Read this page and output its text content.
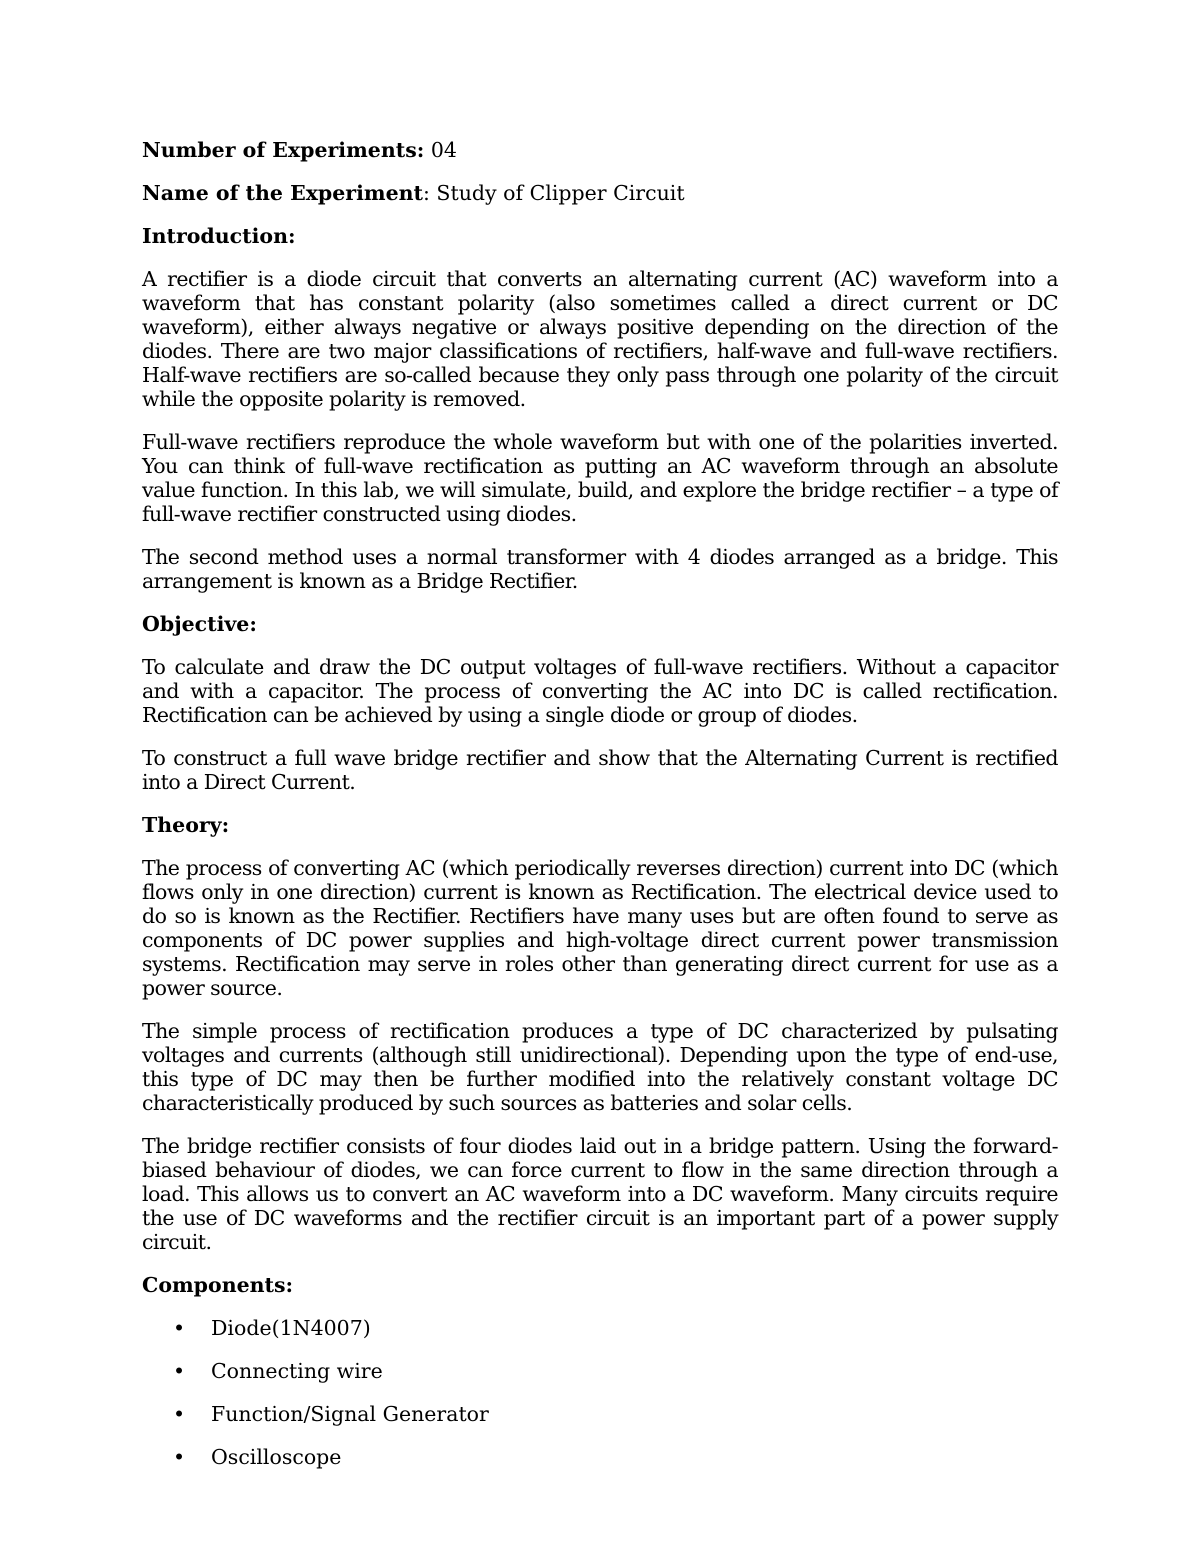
Number of Experiments: 04

Name of the Experiment: Study of Clipper Circuit

Introduction:

A rectifier is a diode circuit that converts an alternating current (AC) waveform into a waveform that has constant polarity (also sometimes called a direct current or DC waveform), either always negative or always positive depending on the direction of the diodes. There are two major classifications of rectifiers, half-wave and full-wave rectifiers. Half-wave rectifiers are so-called because they only pass through one polarity of the circuit while the opposite polarity is removed.

Full-wave rectifiers reproduce the whole waveform but with one of the polarities inverted. You can think of full-wave rectification as putting an AC waveform through an absolute value function. In this lab, we will simulate, build, and explore the bridge rectifier – a type of full-wave rectifier constructed using diodes.

The second method uses a normal transformer with 4 diodes arranged as a bridge. This arrangement is known as a Bridge Rectifier.

Objective:

To calculate and draw the DC output voltages of full-wave rectifiers. Without a capacitor and with a capacitor. The process of converting the AC into DC is called rectification. Rectification can be achieved by using a single diode or group of diodes.

To construct a full wave bridge rectifier and show that the Alternating Current is rectified into a Direct Current.

Theory:

The process of converting AC (which periodically reverses direction) current into DC (which flows only in one direction) current is known as Rectification. The electrical device used to do so is known as the Rectifier. Rectifiers have many uses but are often found to serve as components of DC power supplies and high-voltage direct current power transmission systems. Rectification may serve in roles other than generating direct current for use as a power source.

The simple process of rectification produces a type of DC characterized by pulsating voltages and currents (although still unidirectional). Depending upon the type of end-use, this type of DC may then be further modified into the relatively constant voltage DC characteristically produced by such sources as batteries and solar cells.

The bridge rectifier consists of four diodes laid out in a bridge pattern. Using the forward-biased behaviour of diodes, we can force current to flow in the same direction through a load. This allows us to convert an AC waveform into a DC waveform. Many circuits require the use of DC waveforms and the rectifier circuit is an important part of a power supply circuit.

Components:

• Diode(1N4007)
• Connecting wire
• Function/Signal Generator
• Oscilloscope
